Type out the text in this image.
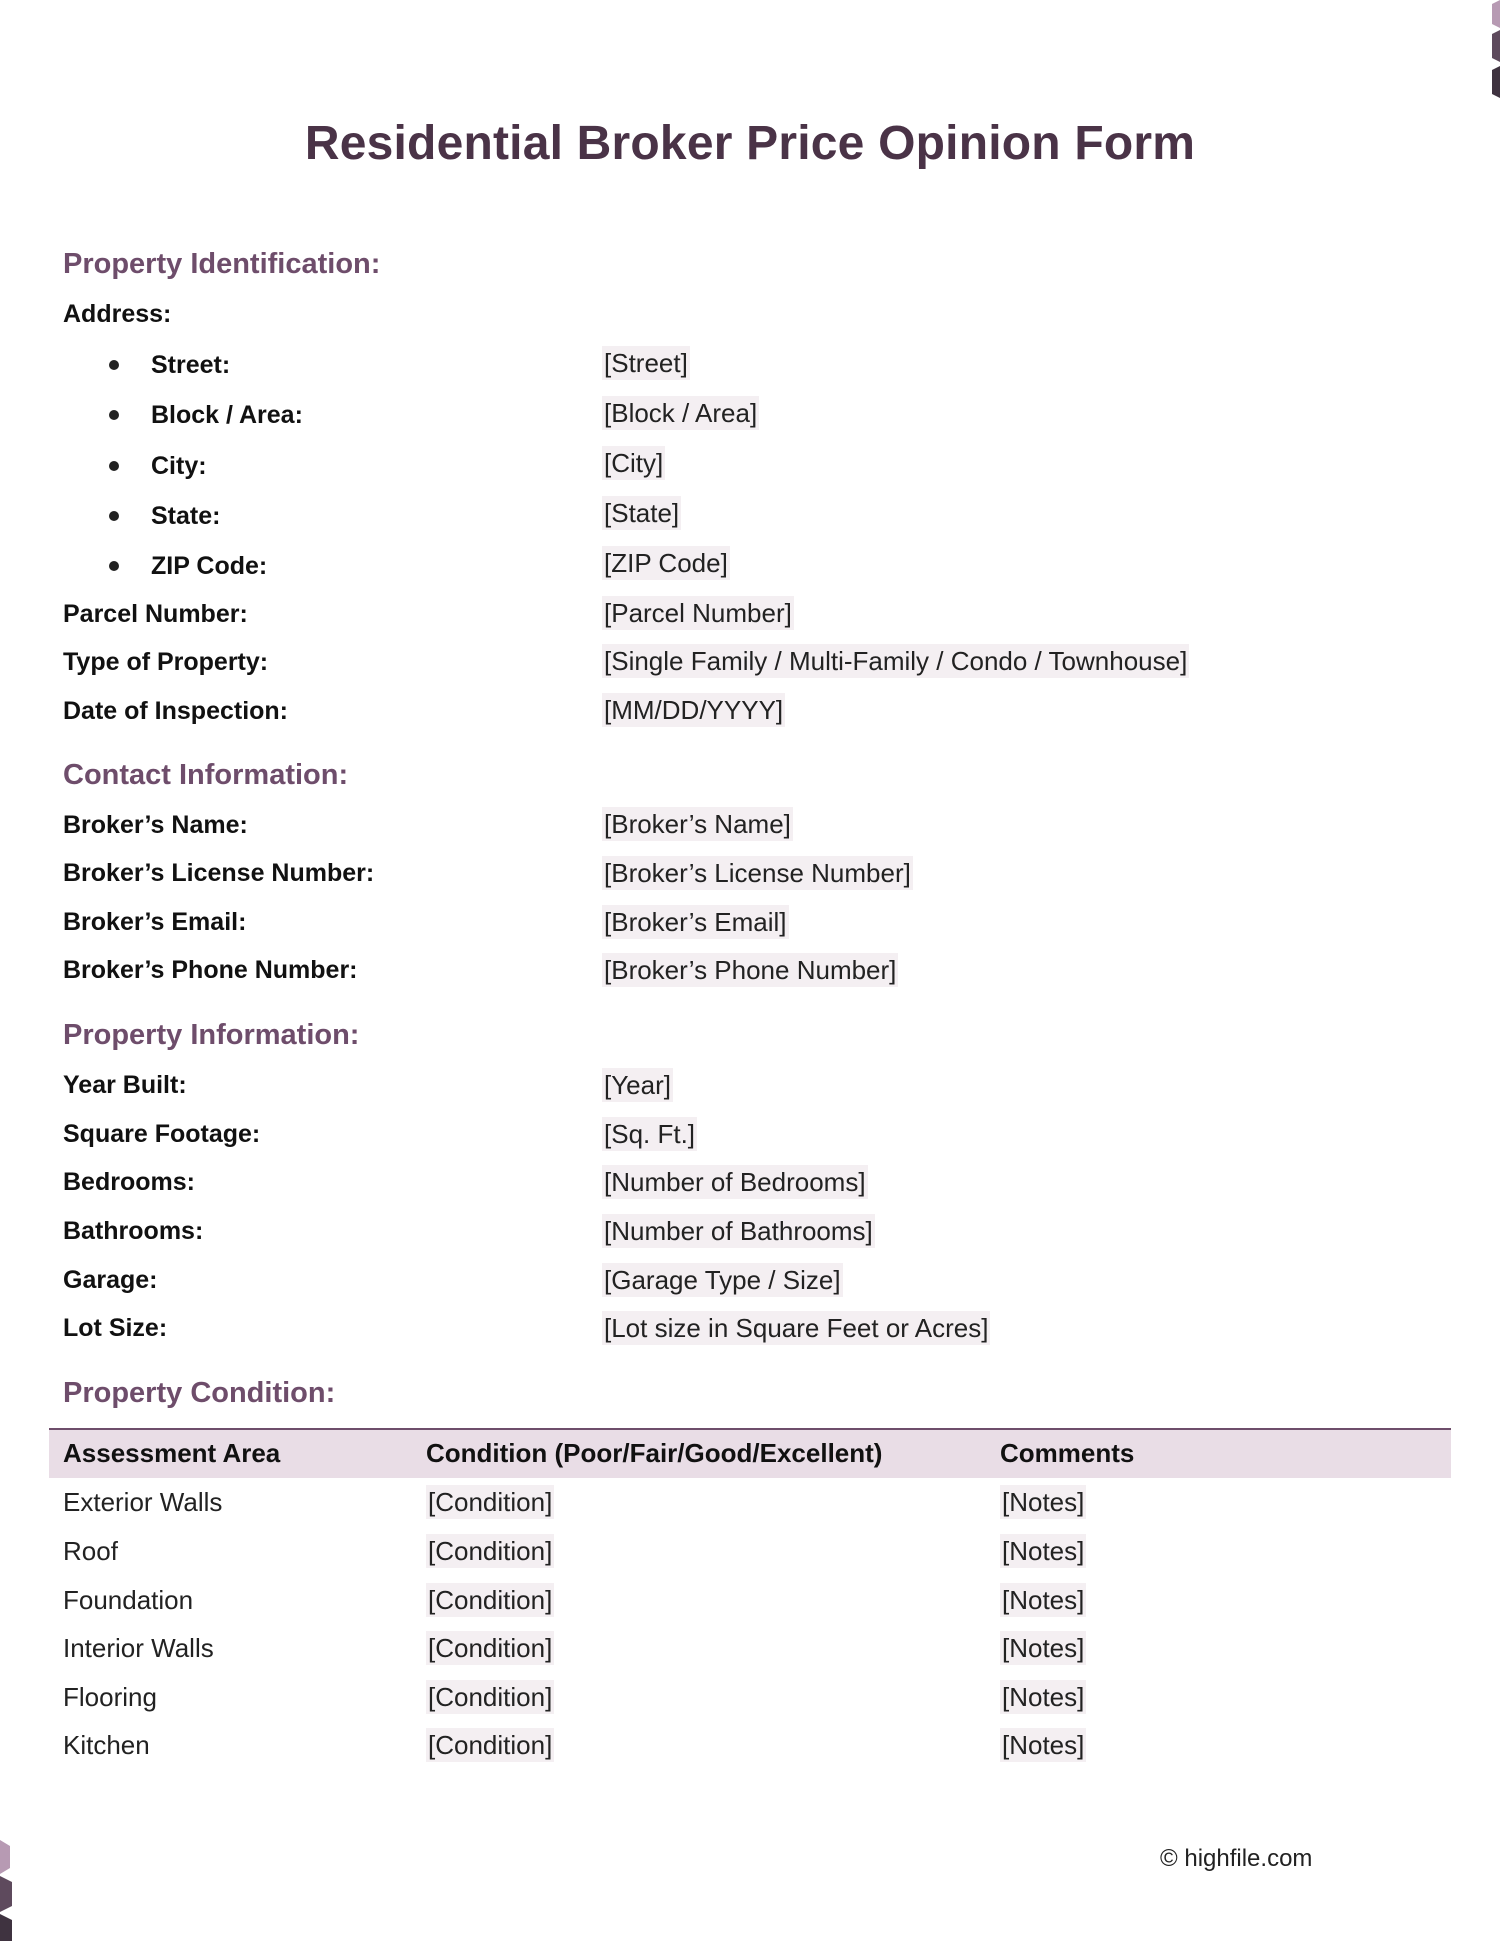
Residential Broker Price Opinion Form
Property Identification:
Address:
Street:	[Street]
Block / Area:	[Block / Area]
City:	[City]
State:	[State]
ZIP Code:	[ZIP Code]
Parcel Number:	[Parcel Number]
Type of Property:	[Single Family / Multi-Family / Condo / Townhouse]
Date of Inspection:	[MM/DD/YYYY]
Contact Information:
Broker’s Name:	[Broker’s Name]
Broker’s License Number:	[Broker’s License Number]
Broker’s Email:	[Broker’s Email]
Broker’s Phone Number:	[Broker’s Phone Number]
Property Information:
Year Built:	[Year]
Square Footage:	[Sq. Ft.]
Bedrooms:	[Number of Bedrooms]
Bathrooms:	[Number of Bathrooms]
Garage:	[Garage Type / Size]
Lot Size:	[Lot size in Square Feet or Acres]
Property Condition:
Assessment Area	Condition (Poor/Fair/Good/Excellent)	Comments
Exterior Walls	[Condition]	[Notes]
Roof	[Condition]	[Notes]
Foundation	[Condition]	[Notes]
Interior Walls	[Condition]	[Notes]
Flooring	[Condition]	[Notes]
Kitchen	[Condition]	[Notes]
© highfile.com
